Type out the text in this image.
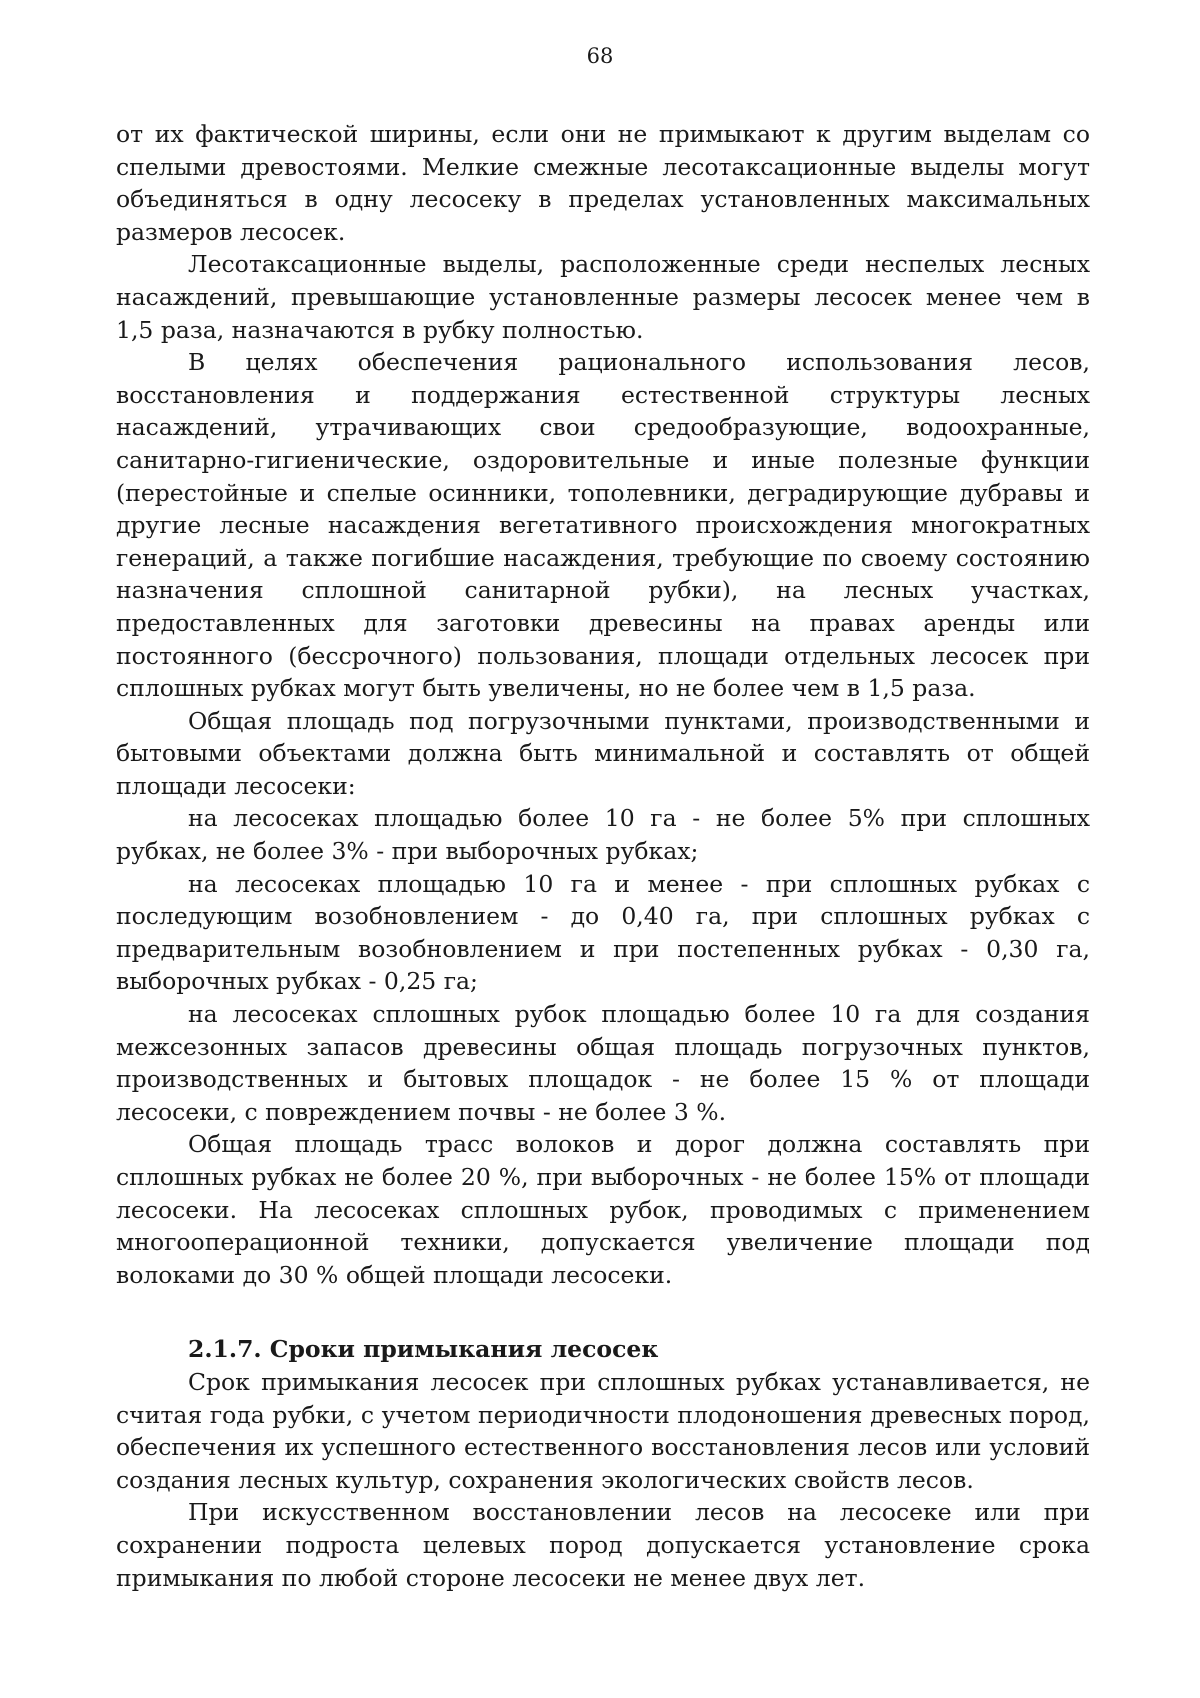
68

от их фактической ширины, если они не примыкают к другим выделам со спелыми древостоями. Мелкие смежные лесотаксационные выделы могут объединяться в одну лесосеку в пределах установленных максимальных размеров лесосек.

Лесотаксационные выделы, расположенные среди неспелых лесных насаждений, превышающие установленные размеры лесосек менее чем в 1,5 раза, назначаются в рубку полностью.

В целях обеспечения рационального использования лесов, восстановления и поддержания естественной структуры лесных насаждений, утрачивающих свои средообразующие, водоохранные, санитарно-гигиенические, оздоровительные и иные полезные функции (перестойные и спелые осинники, тополевники, деградирующие дубравы и другие лесные насаждения вегетативного происхождения многократных генераций, а также погибшие насаждения, требующие по своему состоянию назначения сплошной санитарной рубки), на лесных участках, предоставленных для заготовки древесины на правах аренды или постоянного (бессрочного) пользования, площади отдельных лесосек при сплошных рубках могут быть увеличены, но не более чем в 1,5 раза.

Общая площадь под погрузочными пунктами, производственными и бытовыми объектами должна быть минимальной и составлять от общей площади лесосеки:

на лесосеках площадью более 10 га - не более 5% при сплошных рубках, не более 3% - при выборочных рубках;

на лесосеках площадью 10 га и менее - при сплошных рубках с последующим возобновлением - до 0,40 га, при сплошных рубках с предварительным возобновлением и при постепенных рубках - 0,30 га, выборочных рубках - 0,25 га;

на лесосеках сплошных рубок площадью более 10 га для создания межсезонных запасов древесины общая площадь погрузочных пунктов, производственных и бытовых площадок - не более 15 % от площади лесосеки, с повреждением почвы - не более 3 %.

Общая площадь трасс волоков и дорог должна составлять при сплошных рубках не более 20 %, при выборочных - не более 15% от площади лесосеки. На лесосеках сплошных рубок, проводимых с применением многооперационной техники, допускается увеличение площади под волоками до 30 % общей площади лесосеки.

2.1.7. Сроки примыкания лесосек

Срок примыкания лесосек при сплошных рубках устанавливается, не считая года рубки, с учетом периодичности плодоношения древесных пород, обеспечения их успешного естественного восстановления лесов или условий создания лесных культур, сохранения экологических свойств лесов.

При искусственном восстановлении лесов на лесосеке или при сохранении подроста целевых пород допускается установление срока примыкания по любой стороне лесосеки не менее двух лет.
